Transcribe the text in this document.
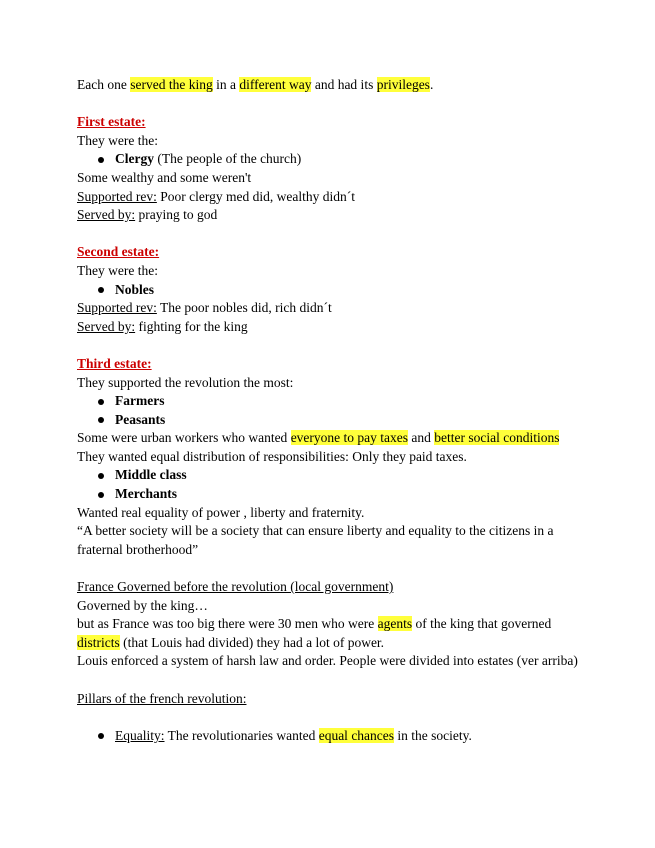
Each one served the king in a different way and had its privileges.
First estate:
They were the:
Clergy (The people of the church)
Some wealthy and some weren't
Supported rev: Poor clergy med did, wealthy didn´t
Served by: praying to god
Second estate:
They were the:
Nobles
Supported rev: The poor nobles did, rich didn´t
Served by: fighting for the king
Third estate:
They supported the revolution the most:
Farmers
Peasants
Some were urban workers who wanted everyone to pay taxes and better social conditions
They wanted equal distribution of responsibilities: Only they paid taxes.
Middle class
Merchants
Wanted real equality of power , liberty and fraternity.
“A better society will be a society that can ensure liberty and equality to the citizens in a fraternal brotherhood”
France Governed before the revolution (local government)
Governed by the king…
but as France was too big there were 30 men who were agents of the king that governed districts (that Louis had divided) they had a lot of power.
Louis enforced a system of harsh law and order. People were divided into estates (ver arriba)
Pillars of the french revolution:
Equality: The revolutionaries wanted equal chances in the society.
